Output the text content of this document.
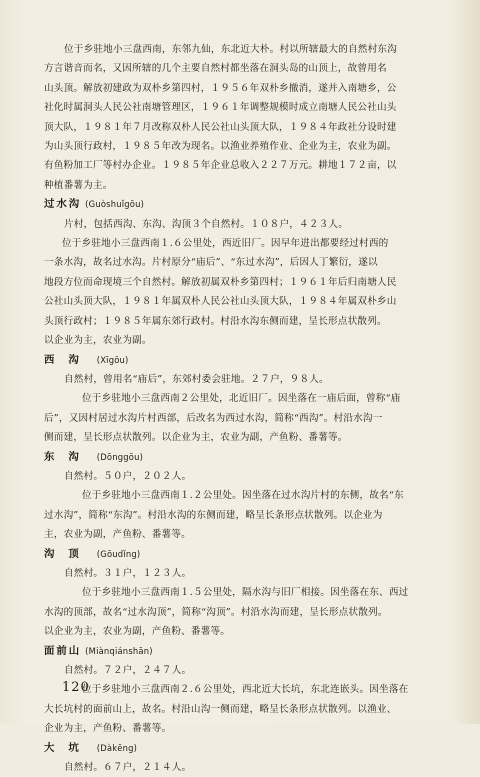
位于乡驻地小三盘西南，东邻九仙，东北近大朴。村以所辖最大的自然村东沟

方言谐音而名，又因所辖的几个主要自然村都坐落在洞头岛的山顶上，故曾用名

山头顶。解放初建政为双朴乡第四村，１９５６年双朴乡撤消，遂并入南塘乡，公

社化时属洞头人民公社南塘管理区，１９６１年调整规模时成立南塘人民公社山头

顶大队，１９８１年７月改称双朴人民公社山头顶大队，１９８４年政社分设时建

为山头顶行政村，１９８５年改为现名。以渔业养殖作业、企业为主，农业为副。

有鱼粉加工厂等村办企业。１９８５年企业总收入２２７万元。耕地１７２亩，以

种植番薯为主。

过水沟 (Guòshuǐgōu)

片村，包括西沟、东沟、沟顶３个自然村。１０８户，４２３人。

位于乡驻地小三盘西南１.６公里处，西近旧厂。因早年进出都要经过村西的

一条水沟，故名过水沟。片村原分“庙后”、“东过水沟”，后因人丁繁衍，遂以

地段方位而命现境三个自然村。解放初属双朴乡第四村；１９６１年后归南塘人民

公社山头顶大队，１９８１年属双朴人民公社山头顶大队，１９８４年属双朴乡山

头顶行政村；１９８５年属东郊行政村。村沿水沟东侧而建，呈长形点状散列。

以企业为主，农业为副。

西沟 (Xīgōu)

自然村，曾用名“庙后”，东郊村委会驻地。２７户，９８人。

位于乡驻地小三盘西南２公里处，北近旧厂。因坐落在一庙后面，曾称“庙

后”，又因村居过水沟片村西部，后改名为西过水沟，简称“西沟”。村沿水沟一

侧而建，呈长形点状散列。以企业为主，农业为副，产鱼粉、番薯等。

东沟 (Dōnggōu)

自然村。５０户，２０２人。

位于乡驻地小三盘西南１.２公里处。因坐落在过水沟片村的东侧，故名“东

过水沟”，简称“东沟”。村沿水沟的东侧而建，略呈长条形点状散列。以企业为

主，农业为副，产鱼粉、番薯等。

沟顶 (Gōudǐng)

自然村。３１户，１２３人。

位于乡驻地小三盘西南１.５公里处，隔水沟与旧厂相接。因坐落在东、西过

水沟的顶部，故名“过水沟顶”，简称“沟顶”。村沿水沟而建，呈长形点状散列。

以企业为主，农业为副，产鱼粉、番薯等。

面前山 (Miànqiánshān)

自然村。７２户，２４７人。

位于乡驻地小三盘西南２.６公里处，西北近大长坑，东北连嵌头。因坐落在

大长坑村的面前山上，故名。村沿山沟一侧而建，略呈长条形点状散列。以渔业、

企业为主，产鱼粉、番薯等。

大坑 (Dàkēng)

自然村。６７户，２１４人。

120
